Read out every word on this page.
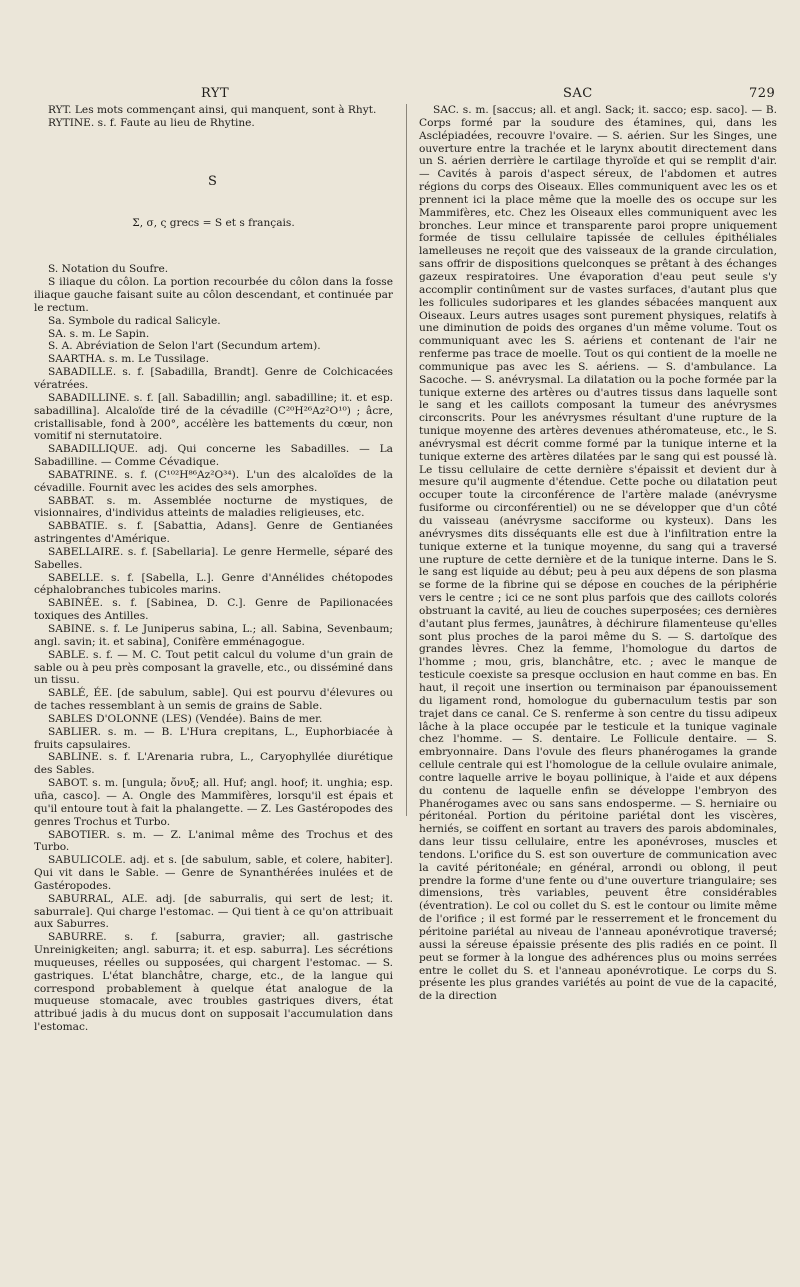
RYT	SAC	729

RYT. Les mots commençant ainsi, qui manquent, sont à Rhyt.

RYTINE. s. f. Faute au lieu de Rhytine.

S

Σ, σ, ς grecs = S et s français.

S. Notation du Soufre.

S iliaque du côlon. La portion recourbée du côlon dans la fosse iliaque gauche faisant suite au côlon descendant, et continuée par le rectum.

Sa. Symbole du radical Salicyle.

SA. s. m. Le Sapin.

S. A. Abréviation de Selon l'art (Secundum artem).

SAARTHA. s. m. Le Tussilage.

SABADILLE. s. f. [Sabadilla, Brandt]. Genre de Colchicacées vératrées.

SABADILLINE. s. f. [all. Sabadillin; angl. sabadilline; it. et esp. sabadillina]. Alcaloïde tiré de la cévadille (C²⁰H²⁶Az²O¹⁰) ; âcre, cristallisable, fond à 200°, accélère les battements du cœur, non vomitif ni sternutatoire.

SABADILLIQUE. adj. Qui concerne les Sabadilles. — La Sabadilline. — Comme Cévadique.

SABATRINE. s. f. (C¹⁰²H⁸⁶Az²O³⁴). L'un des alcaloïdes de la cévadille. Fournit avec les acides des sels amorphes.

SABBAT. s. m. Assemblée nocturne de mystiques, de visionnaires, d'individus atteints de maladies religieuses, etc.

SABBATIE. s. f. [Sabattia, Adans]. Genre de Gentianées astringentes d'Amérique.

SABELLAIRE. s. f. [Sabellaria]. Le genre Hermelle, séparé des Sabelles.

SABELLE. s. f. [Sabella, L.]. Genre d'Annélides chétopodes céphalobranches tubicoles marins.

SABINÉE. s. f. [Sabinea, D. C.]. Genre de Papilionacées toxiques des Antilles.

SABINE. s. f. Le Juniperus sabina, L.; all. Sabina, Sevenbaum; angl. savin; it. et sabina], Conifère emménagogue.

SABLE. s. f. — M. C. Tout petit calcul du volume d'un grain de sable ou à peu près composant la gravelle, etc., ou disséminé dans un tissu.

SABLÉ, ÉE. [de sabulum, sable]. Qui est pourvu d'élevures ou de taches ressemblant à un semis de grains de Sable.

SABLES D'OLONNE (LES) (Vendée). Bains de mer.

SABLIER. s. m. — B. L'Hura crepitans, L., Euphorbiacée à fruits capsulaires.

SABLINE. s. f. L'Arenaria rubra, L., Caryophyllée diurétique des Sables.

SABOT. s. m. [ungula; ὄνυξ; all. Huf; angl. hoof; it. unghia; esp. uña, casco]. — A. Ongle des Mammifères, lorsqu'il est épais et qu'il entoure tout à fait la phalangette. — Z. Les Gastéropodes des genres Trochus et Turbo.

SABOTIER. s. m. — Z. L'animal même des Trochus et des Turbo.

SABULICOLE. adj. et s. [de sabulum, sable, et colere, habiter]. Qui vit dans le Sable. — Genre de Synanthérées inulées et de Gastéropodes.

SABURRAL, ALE. adj. [de saburralis, qui sert de lest; it. saburrale]. Qui charge l'estomac. — Qui tient à ce qu'on attribuait aux Saburres.

SABURRE. s. f. [saburra, gravier; all. gastrische Unreinigkeiten; angl. saburra; it. et esp. saburra]. Les sécrétions muqueuses, réelles ou supposées, qui chargent l'estomac. — S. gastriques. L'état blanchâtre, charge, etc., de la langue qui correspond probablement à quelque état analogue de la muqueuse stomacale, avec troubles gastriques divers, état attribué jadis à du mucus dont on supposait l'accumulation dans l'estomac.

SAC. s. m. [saccus; all. et angl. Sack; it. sacco; esp. saco]. — B. Corps formé par la soudure des étamines, qui, dans les Asclépiadées, recouvre l'ovaire. — S. aérien. Sur les Singes, une ouverture entre la trachée et le larynx aboutit directement dans un S. aérien derrière le cartilage thyroïde et qui se remplit d'air. — Cavités à parois d'aspect séreux, de l'abdomen et autres régions du corps des Oiseaux. Elles communiquent avec les os et prennent ici la place même que la moelle des os occupe sur les Mammifères, etc. Chez les Oiseaux elles communiquent avec les bronches. Leur mince et transparente paroi propre uniquement formée de tissu cellulaire tapissée de cellules épithéliales lamelleuses ne reçoit que des vaisseaux de la grande circulation, sans offrir de dispositions quelconques se prêtant à des échanges gazeux respiratoires. Une évaporation d'eau peut seule s'y accomplir continûment sur de vastes surfaces, d'autant plus que les follicules sudoripares et les glandes sébacées manquent aux Oiseaux. Leurs autres usages sont purement physiques, relatifs à une diminution de poids des organes d'un même volume. Tout os communiquant avec les S. aériens et contenant de l'air ne renferme pas trace de moelle. Tout os qui contient de la moelle ne communique pas avec les S. aériens. — S. d'ambulance. La Sacoche. — S. anévrysmal. La dilatation ou la poche formée par la tunique externe des artères ou d'autres tissus dans laquelle sont le sang et les caillots composant la tumeur des anévrysmes circonscrits. Pour les anévrysmes résultant d'une rupture de la tunique moyenne des artères devenues athéromateuse, etc., le S. anévrysmal est décrit comme formé par la tunique interne et la tunique externe des artères dilatées par le sang qui est poussé là. Le tissu cellulaire de cette dernière s'épaissit et devient dur à mesure qu'il augmente d'étendue. Cette poche ou dilatation peut occuper toute la circonférence de l'artère malade (anévrysme fusiforme ou circonférentiel) ou ne se développer que d'un côté du vaisseau (anévrysme sacciforme ou kysteux). Dans les anévrysmes dits disséquants elle est due à l'infiltration entre la tunique externe et la tunique moyenne, du sang qui a traversé une rupture de cette dernière et de la tunique interne. Dans le S. le sang est liquide au début; peu à peu aux dépens de son plasma se forme de la fibrine qui se dépose en couches de la périphérie vers le centre ; ici ce ne sont plus parfois que des caillots colorés obstruant la cavité, au lieu de couches superposées; ces dernières d'autant plus fermes, jaunâtres, à déchirure filamenteuse qu'elles sont plus proches de la paroi même du S. — S. dartoïque des grandes lèvres. Chez la femme, l'homologue du dartos de l'homme ; mou, gris, blanchâtre, etc. ; avec le manque de testicule coexiste sa presque occlusion en haut comme en bas. En haut, il reçoit une insertion ou terminaison par épanouissement du ligament rond, homologue du gubernaculum testis par son trajet dans ce canal. Ce S. renferme à son centre du tissu adipeux lâche à la place occupée par le testicule et la tunique vaginale chez l'homme. — S. dentaire. Le Follicule dentaire. — S. embryonnaire. Dans l'ovule des fleurs phanérogames la grande cellule centrale qui est l'homologue de la cellule ovulaire animale, contre laquelle arrive le boyau pollinique, à l'aide et aux dépens du contenu de laquelle enfin se développe l'embryon des Phanérogames avec ou sans sans endosperme. — S. herniaire ou péritonéal. Portion du péritoine pariétal dont les viscères, herniés, se coiffent en sortant au travers des parois abdominales, dans leur tissu cellulaire, entre les aponévroses, muscles et tendons. L'orifice du S. est son ouverture de communication avec la cavité péritonéale; en général, arrondi ou oblong, il peut prendre la forme d'une fente ou d'une ouverture triangulaire; ses dimensions, très variables, peuvent être considérables (éventration). Le col ou collet du S. est le contour ou limite même de l'orifice ; il est formé par le resserrement et le froncement du péritoine pariétal au niveau de l'anneau aponévrotique traversé; aussi la séreuse épaissie présente des plis radiés en ce point. Il peut se former à la longue des adhérences plus ou moins serrées entre le collet du S. et l'anneau aponévrotique. Le corps du S. présente les plus grandes variétés au point de vue de la capacité, de la direction
